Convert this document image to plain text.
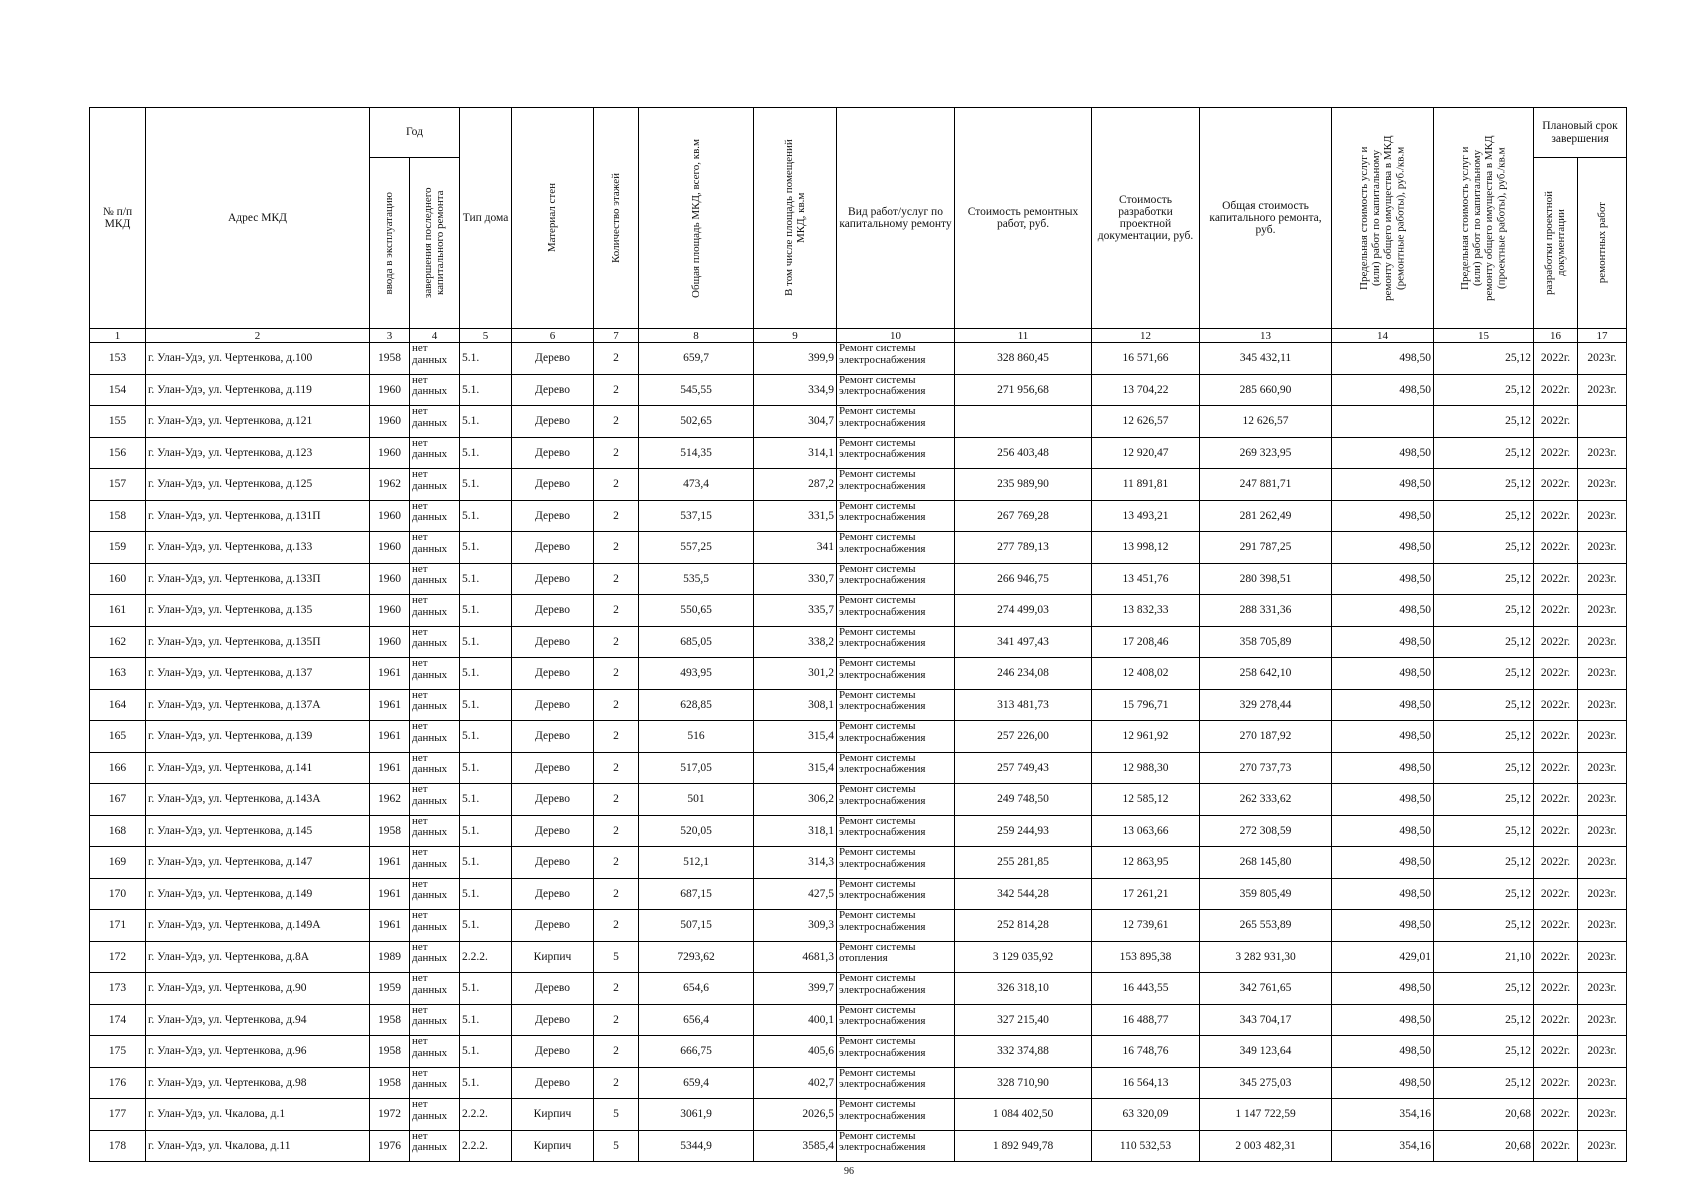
№ п/п МКД	Адрес МКД	Год		Тип дома	Материал стен	Количество этажей	Общая площадь МКД, всего, кв.м	В том числе площадь помещений МКД, кв.м	Вид работ/услуг по капитальному ремонту	Стоимость ремонтных работ, руб.	Стоимость разработки проектной документации, руб.	Общая стоимость капитального ремонта, руб.	Предельная стоимость услуг и (или) работ по капитальному ремонту общего имущества в МКД (ремонтные работы), руб./кв.м	Предельная стоимость услуг и (или) работ по капитальному ремонту общего имущества в МКД (проектные работы), руб./кв.м	Плановый срок завершения	

		ввода в эксплуатацию	завершения последнего капитального ремонта												разработки проектной документации	ремонтных работ

1	2	3	4	5	6	7	8	9	10	11	12	13	14	15	16	17
153	г. Улан-Удэ, ул. Чертенкова, д.100	1958	нет данных	5.1.	Дерево	2	659,7	399,9	Ремонт системы электроснабжения	328 860,45	16 571,66	345 432,11	498,50	25,12	2022г.	2023г.
154	г. Улан-Удэ, ул. Чертенкова, д.119	1960	нет данных	5.1.	Дерево	2	545,55	334,9	Ремонт системы электроснабжения	271 956,68	13 704,22	285 660,90	498,50	25,12	2022г.	2023г.
155	г. Улан-Удэ, ул. Чертенкова, д.121	1960	нет данных	5.1.	Дерево	2	502,65	304,7	Ремонт системы электроснабжения		12 626,57	12 626,57		25,12	2022г.	
156	г. Улан-Удэ, ул. Чертенкова, д.123	1960	нет данных	5.1.	Дерево	2	514,35	314,1	Ремонт системы электроснабжения	256 403,48	12 920,47	269 323,95	498,50	25,12	2022г.	2023г.
157	г. Улан-Удэ, ул. Чертенкова, д.125	1962	нет данных	5.1.	Дерево	2	473,4	287,2	Ремонт системы электроснабжения	235 989,90	11 891,81	247 881,71	498,50	25,12	2022г.	2023г.
158	г. Улан-Удэ, ул. Чертенкова, д.131П	1960	нет данных	5.1.	Дерево	2	537,15	331,5	Ремонт системы электроснабжения	267 769,28	13 493,21	281 262,49	498,50	25,12	2022г.	2023г.
159	г. Улан-Удэ, ул. Чертенкова, д.133	1960	нет данных	5.1.	Дерево	2	557,25	341	Ремонт системы электроснабжения	277 789,13	13 998,12	291 787,25	498,50	25,12	2022г.	2023г.
160	г. Улан-Удэ, ул. Чертенкова, д.133П	1960	нет данных	5.1.	Дерево	2	535,5	330,7	Ремонт системы электроснабжения	266 946,75	13 451,76	280 398,51	498,50	25,12	2022г.	2023г.
161	г. Улан-Удэ, ул. Чертенкова, д.135	1960	нет данных	5.1.	Дерево	2	550,65	335,7	Ремонт системы электроснабжения	274 499,03	13 832,33	288 331,36	498,50	25,12	2022г.	2023г.
162	г. Улан-Удэ, ул. Чертенкова, д.135П	1960	нет данных	5.1.	Дерево	2	685,05	338,2	Ремонт системы электроснабжения	341 497,43	17 208,46	358 705,89	498,50	25,12	2022г.	2023г.
163	г. Улан-Удэ, ул. Чертенкова, д.137	1961	нет данных	5.1.	Дерево	2	493,95	301,2	Ремонт системы электроснабжения	246 234,08	12 408,02	258 642,10	498,50	25,12	2022г.	2023г.
164	г. Улан-Удэ, ул. Чертенкова, д.137А	1961	нет данных	5.1.	Дерево	2	628,85	308,1	Ремонт системы электроснабжения	313 481,73	15 796,71	329 278,44	498,50	25,12	2022г.	2023г.
165	г. Улан-Удэ, ул. Чертенкова, д.139	1961	нет данных	5.1.	Дерево	2	516	315,4	Ремонт системы электроснабжения	257 226,00	12 961,92	270 187,92	498,50	25,12	2022г.	2023г.
166	г. Улан-Удэ, ул. Чертенкова, д.141	1961	нет данных	5.1.	Дерево	2	517,05	315,4	Ремонт системы электроснабжения	257 749,43	12 988,30	270 737,73	498,50	25,12	2022г.	2023г.
167	г. Улан-Удэ, ул. Чертенкова, д.143А	1962	нет данных	5.1.	Дерево	2	501	306,2	Ремонт системы электроснабжения	249 748,50	12 585,12	262 333,62	498,50	25,12	2022г.	2023г.
168	г. Улан-Удэ, ул. Чертенкова, д.145	1958	нет данных	5.1.	Дерево	2	520,05	318,1	Ремонт системы электроснабжения	259 244,93	13 063,66	272 308,59	498,50	25,12	2022г.	2023г.
169	г. Улан-Удэ, ул. Чертенкова, д.147	1961	нет данных	5.1.	Дерево	2	512,1	314,3	Ремонт системы электроснабжения	255 281,85	12 863,95	268 145,80	498,50	25,12	2022г.	2023г.
170	г. Улан-Удэ, ул. Чертенкова, д.149	1961	нет данных	5.1.	Дерево	2	687,15	427,5	Ремонт системы электроснабжения	342 544,28	17 261,21	359 805,49	498,50	25,12	2022г.	2023г.
171	г. Улан-Удэ, ул. Чертенкова, д.149А	1961	нет данных	5.1.	Дерево	2	507,15	309,3	Ремонт системы электроснабжения	252 814,28	12 739,61	265 553,89	498,50	25,12	2022г.	2023г.
172	г. Улан-Удэ, ул. Чертенкова, д.8А	1989	нет данных	2.2.2.	Кирпич	5	7293,62	4681,3	Ремонт системы отопления	3 129 035,92	153 895,38	3 282 931,30	429,01	21,10	2022г.	2023г.
173	г. Улан-Удэ, ул. Чертенкова, д.90	1959	нет данных	5.1.	Дерево	2	654,6	399,7	Ремонт системы электроснабжения	326 318,10	16 443,55	342 761,65	498,50	25,12	2022г.	2023г.
174	г. Улан-Удэ, ул. Чертенкова, д.94	1958	нет данных	5.1.	Дерево	2	656,4	400,1	Ремонт системы электроснабжения	327 215,40	16 488,77	343 704,17	498,50	25,12	2022г.	2023г.
175	г. Улан-Удэ, ул. Чертенкова, д.96	1958	нет данных	5.1.	Дерево	2	666,75	405,6	Ремонт системы электроснабжения	332 374,88	16 748,76	349 123,64	498,50	25,12	2022г.	2023г.
176	г. Улан-Удэ, ул. Чертенкова, д.98	1958	нет данных	5.1.	Дерево	2	659,4	402,7	Ремонт системы электроснабжения	328 710,90	16 564,13	345 275,03	498,50	25,12	2022г.	2023г.
177	г. Улан-Удэ, ул. Чкалова, д.1	1972	нет данных	2.2.2.	Кирпич	5	3061,9	2026,5	Ремонт системы электроснабжения	1 084 402,50	63 320,09	1 147 722,59	354,16	20,68	2022г.	2023г.
178	г. Улан-Удэ, ул. Чкалова, д.11	1976	нет данных	2.2.2.	Кирпич	5	5344,9	3585,4	Ремонт системы электроснабжения	1 892 949,78	110 532,53	2 003 482,31	354,16	20,68	2022г.	2023г.
96
